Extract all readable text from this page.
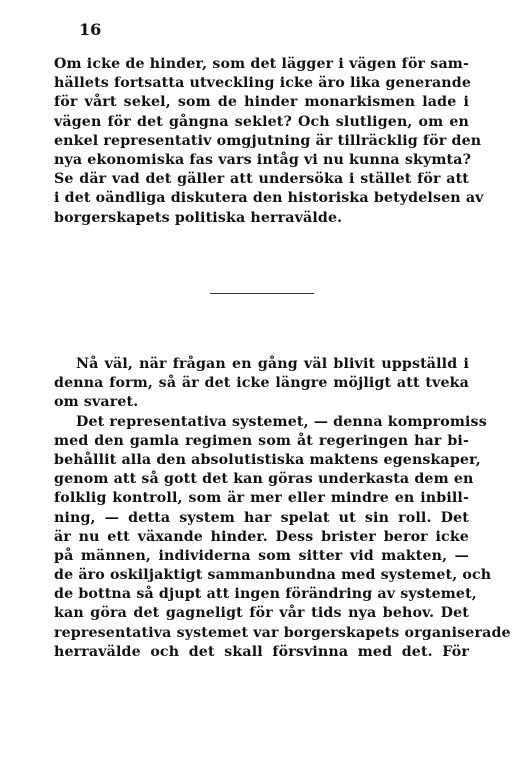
16
Om icke de hinder, som det lägger i vägen för sam-
hällets fortsatta utveckling icke äro lika generande
för vårt sekel, som de hinder monarkismen lade i
vägen för det gångna seklet? Och slutligen, om en
enkel representativ omgjutning är tillräcklig för den
nya ekonomiska fas vars intåg vi nu kunna skymta?
Se där vad det gäller att undersöka i stället för att
i det oändliga diskutera den historiska betydelsen av
borgerskapets politiska herravälde.
Nå väl, när frågan en gång väl blivit uppställd i
denna form, så är det icke längre möjligt att tveka
om svaret.
Det representativa systemet, — denna kompromiss
med den gamla regimen som åt regeringen har bi-
behållit alla den absolutistiska maktens egenskaper,
genom att så gott det kan göras underkasta dem en
folklig kontroll, som är mer eller mindre en inbill-
ning, — detta system har spelat ut sin roll. Det
är nu ett växande hinder. Dess brister beror icke
på männen, individerna som sitter vid makten, —
de äro oskiljaktigt sammanbundna med systemet, och
de bottna så djupt att ingen förändring av systemet,
kan göra det gagneligt för vår tids nya behov. Det
representativa systemet var borgerskapets organiserade
herravälde och det skall försvinna med det. För
